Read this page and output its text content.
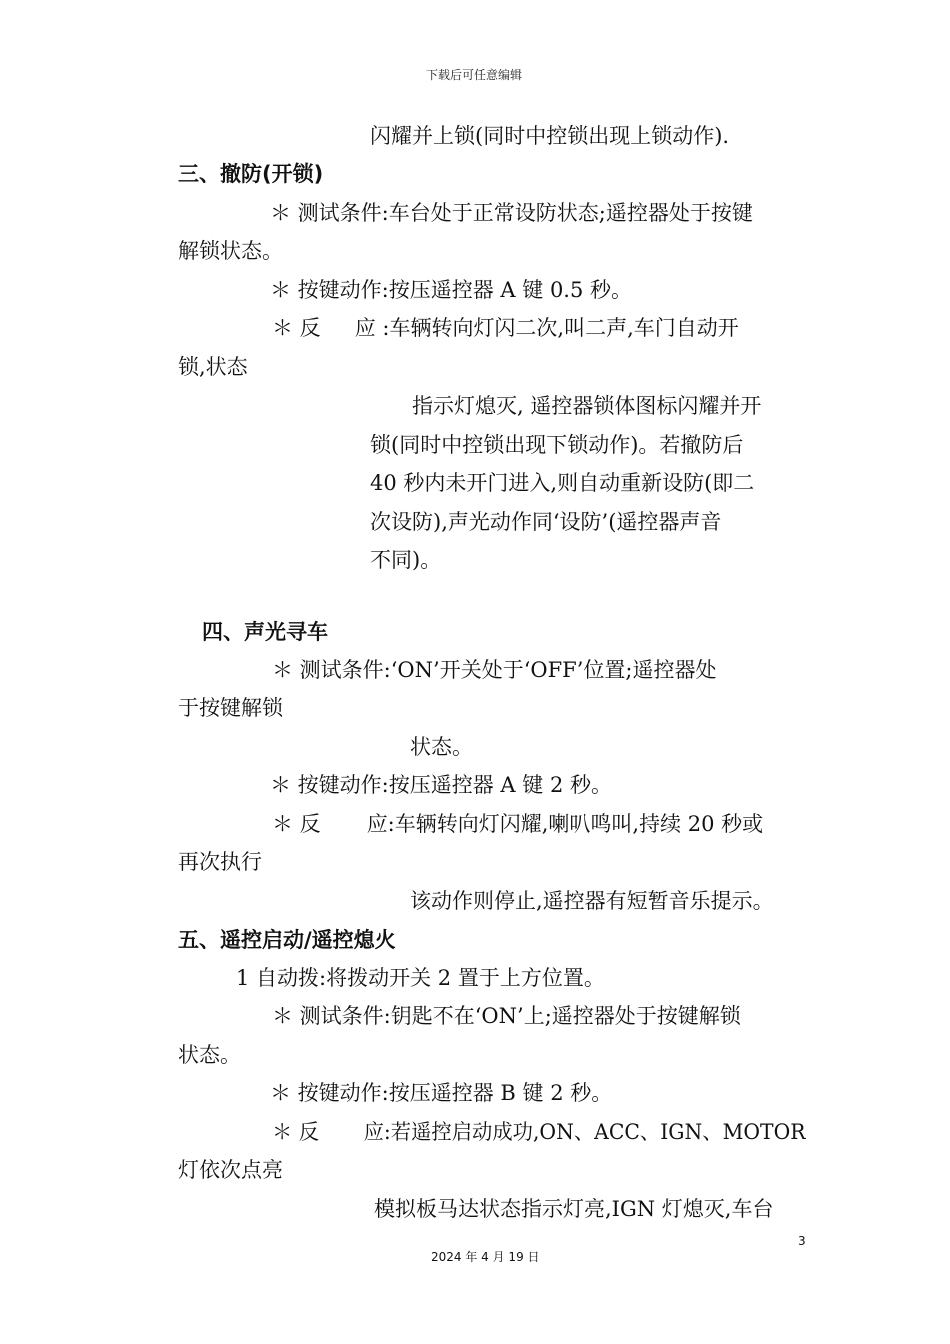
下载后可任意编辑
闪耀并上锁(同时中控锁出现上锁动作).
三、撤防(开锁)
＊ 测试条件:车台处于正常设防状态;遥控器处于按键
解锁状态。
＊ 按键动作:按压遥控器 A 键 0.5 秒。
＊ 反 应 :车辆转向灯闪二次,叫二声,车门自动开
锁,状态
指示灯熄灭, 遥控器锁体图标闪耀并开
锁(同时中控锁出现下锁动作)。若撤防后
40 秒内未开门进入,则自动重新设防(即二
次设防),声光动作同‘设防’(遥控器声音
不同)。
四、声光寻车
＊ 测试条件:‘ON’开关处于‘OFF’位置;遥控器处
于按键解锁
状态。
＊ 按键动作:按压遥控器 A 键 2 秒。
＊ 反 应:车辆转向灯闪耀,喇叭鸣叫,持续 20 秒或
再次执行
该动作则停止,遥控器有短暂音乐提示。
五、遥控启动/遥控熄火
1 自动拨:将拨动开关 2 置于上方位置。
＊ 测试条件:钥匙不在‘ON’上;遥控器处于按键解锁
状态。
＊ 按键动作:按压遥控器 B 键 2 秒。
＊ 反 应:若遥控启动成功,ON、ACC、IGN、MOTOR
灯依次点亮
模拟板马达状态指示灯亮,IGN 灯熄灭,车台
3
2024 年 4 月 19 日
